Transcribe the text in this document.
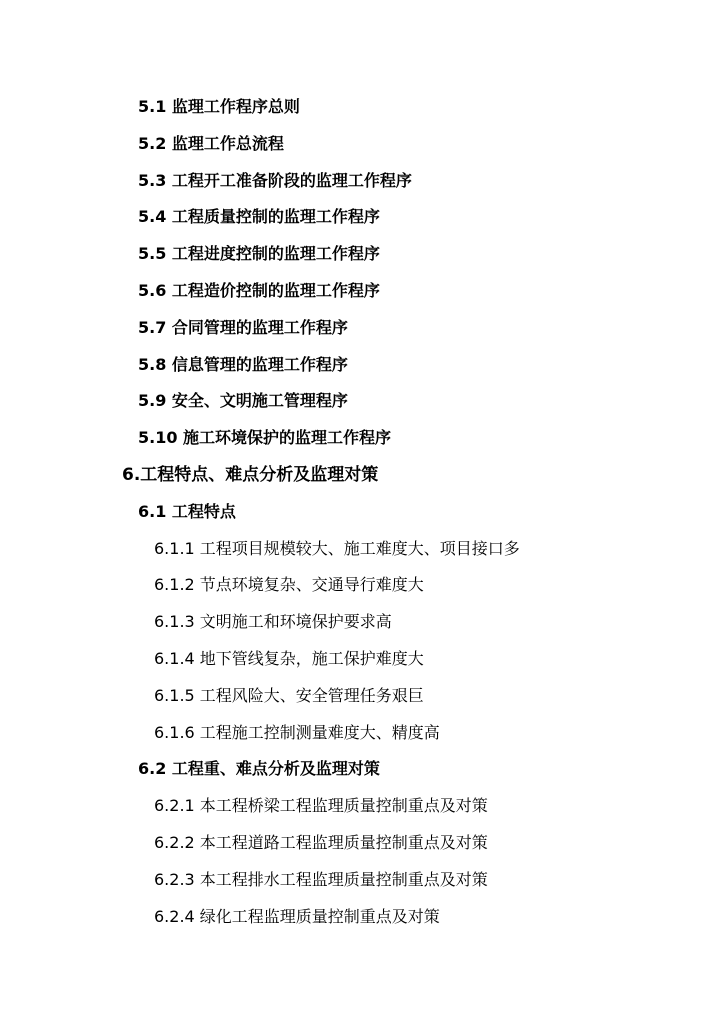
5.1 监理工作程序总则
5.2 监理工作总流程
5.3 工程开工准备阶段的监理工作程序
5.4 工程质量控制的监理工作程序
5.5 工程进度控制的监理工作程序
5.6 工程造价控制的监理工作程序
5.7 合同管理的监理工作程序
5.8 信息管理的监理工作程序
5.9 安全、文明施工管理程序
5.10 施工环境保护的监理工作程序
6.工程特点、难点分析及监理对策
6.1 工程特点
6.1.1 工程项目规模较大、施工难度大、项目接口多
6.1.2 节点环境复杂、交通导行难度大
6.1.3 文明施工和环境保护要求高
6.1.4 地下管线复杂，施工保护难度大
6.1.5 工程风险大、安全管理任务艰巨
6.1.6 工程施工控制测量难度大、精度高
6.2 工程重、难点分析及监理对策
6.2.1 本工程桥梁工程监理质量控制重点及对策
6.2.2 本工程道路工程监理质量控制重点及对策
6.2.3 本工程排水工程监理质量控制重点及对策
6.2.4 绿化工程监理质量控制重点及对策
